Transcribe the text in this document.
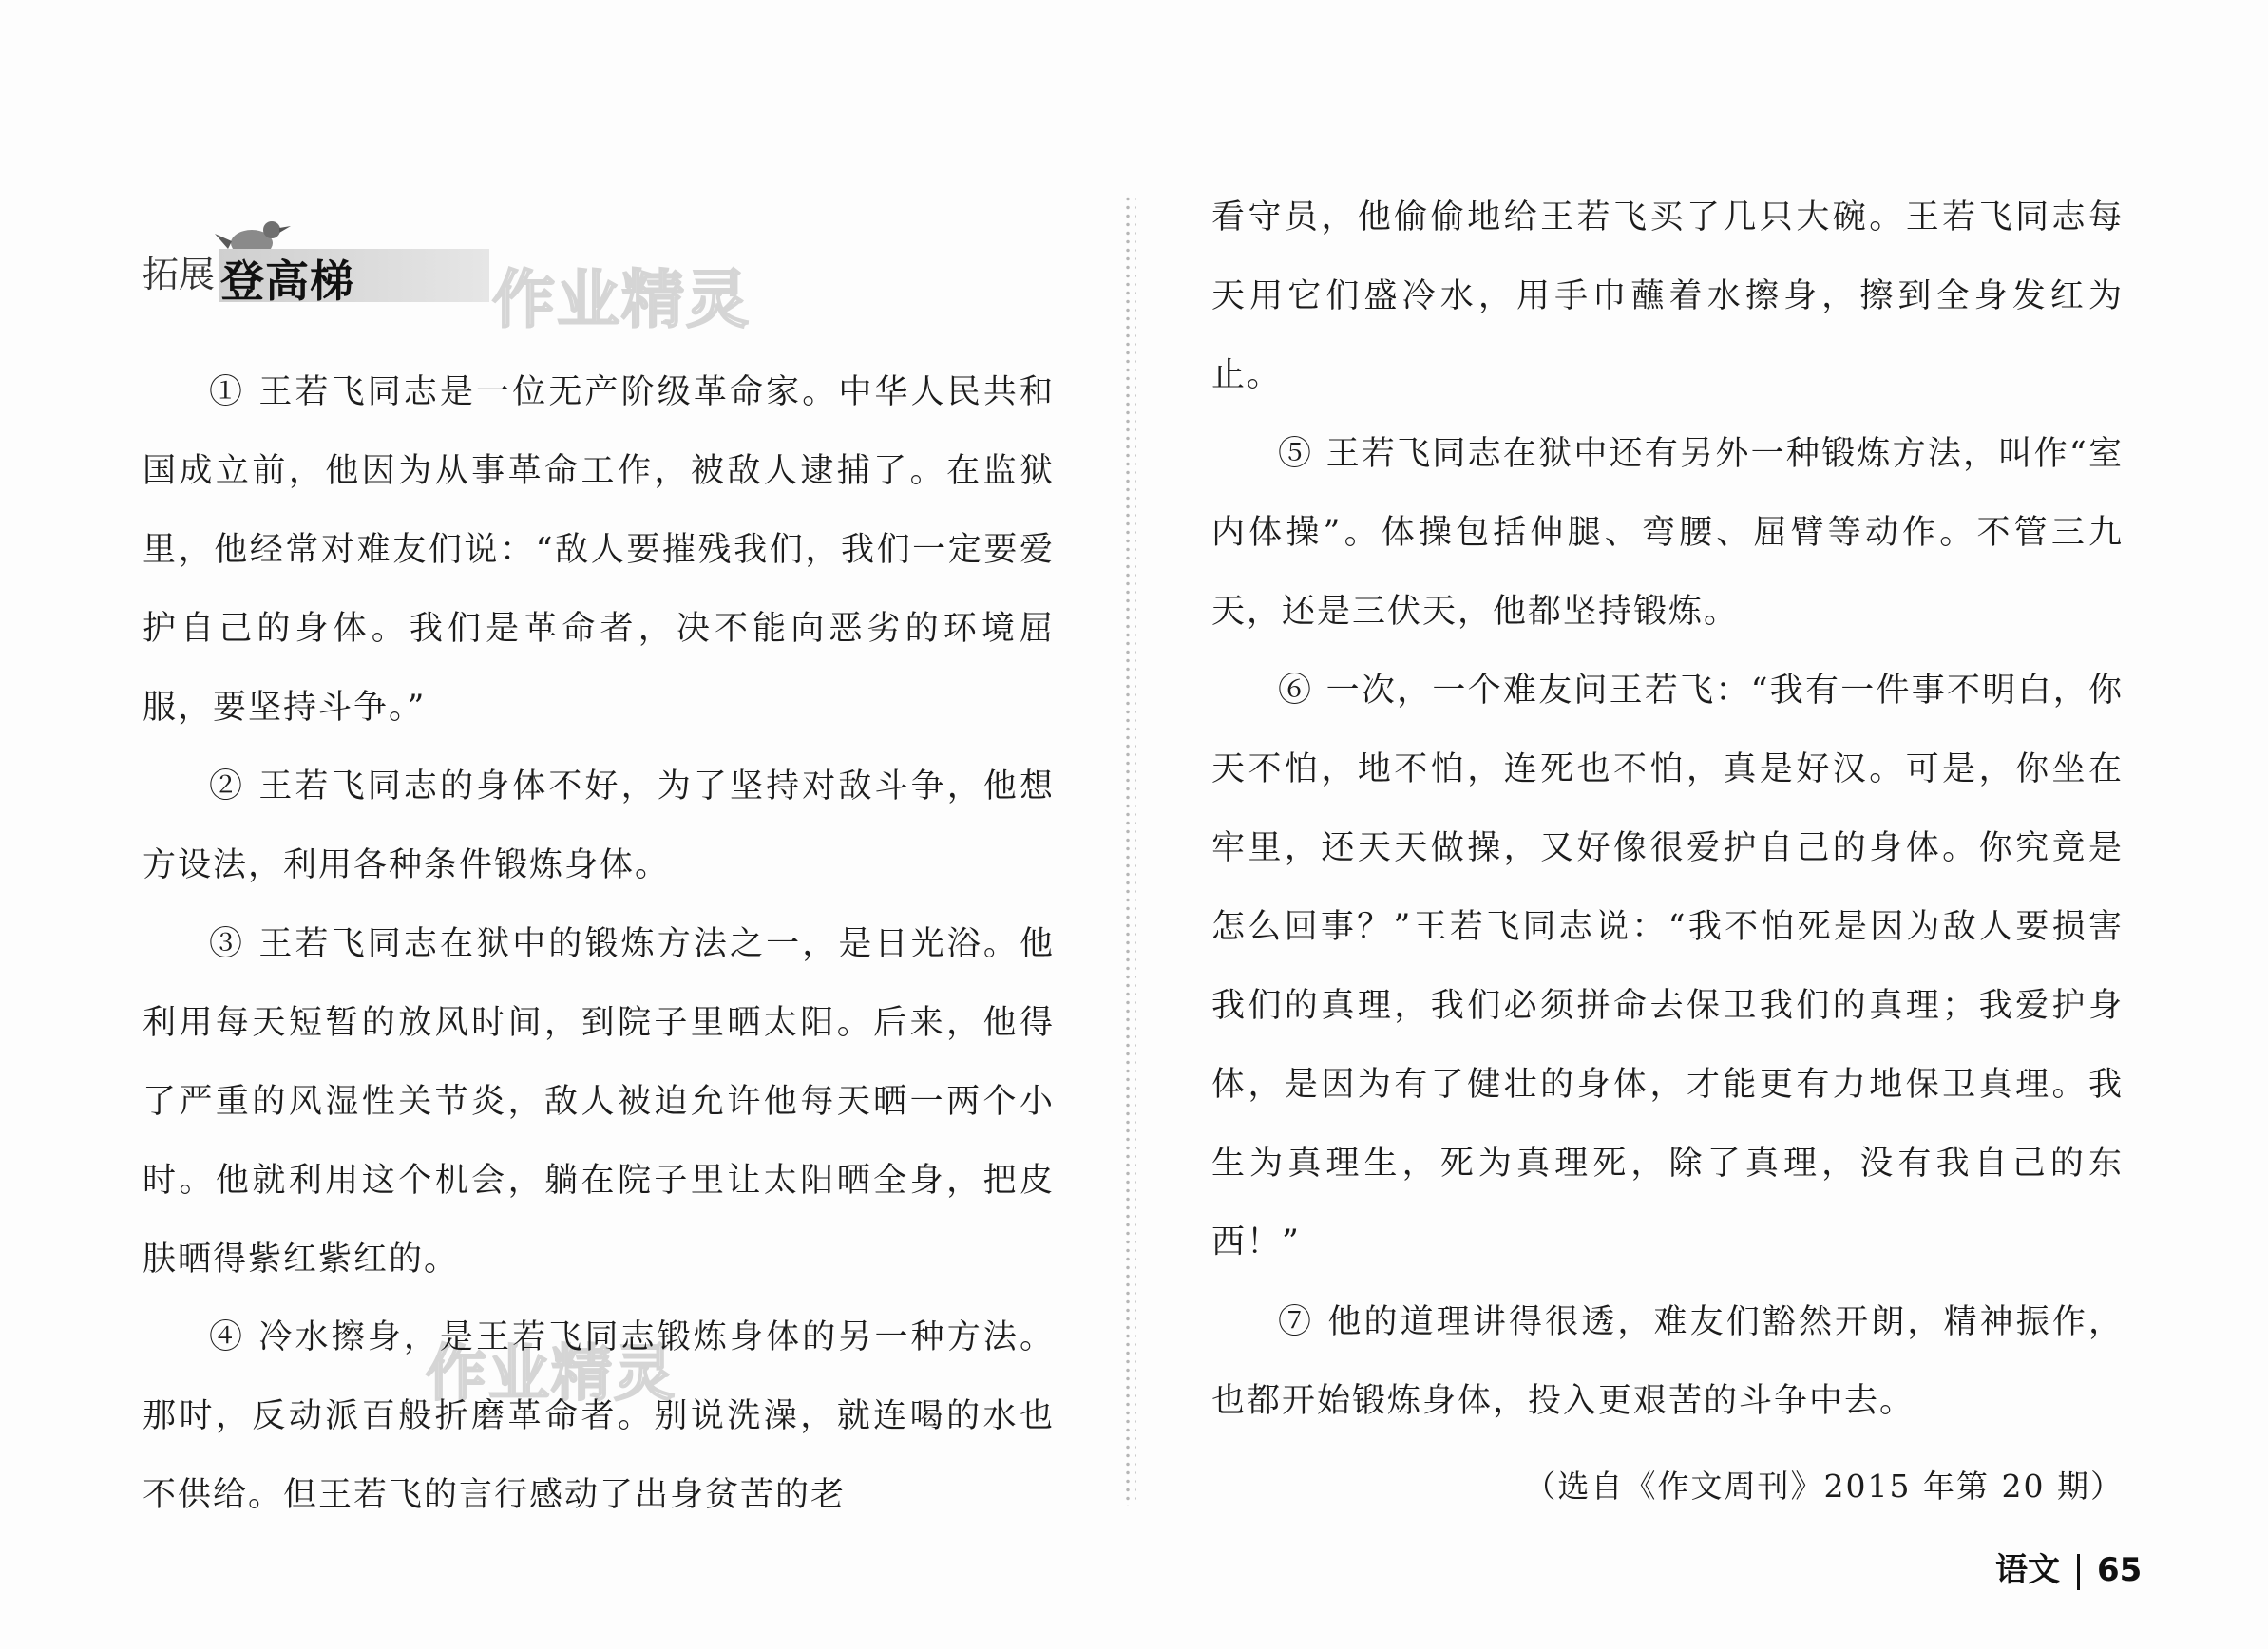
拓展 登高梯 作业精灵
作业精灵

① 王若飞同志是一位无产阶级革命家。中华人民共和国成立前，他因为从事革命工作，被敌人逮捕了。在监狱里，他经常对难友们说：“敌人要摧残我们，我们一定要爱护自己的身体。我们是革命者，决不能向恶劣的环境屈服，要坚持斗争。”

② 王若飞同志的身体不好，为了坚持对敌斗争，他想方设法，利用各种条件锻炼身体。

③ 王若飞同志在狱中的锻炼方法之一，是日光浴。他利用每天短暂的放风时间，到院子里晒太阳。后来，他得了严重的风湿性关节炎，敌人被迫允许他每天晒一两个小时。他就利用这个机会，躺在院子里让太阳晒全身，把皮肤晒得紫红紫红的。

④ 冷水擦身，是王若飞同志锻炼身体的另一种方法。那时，反动派百般折磨革命者。别说洗澡，就连喝的水也不供给。但王若飞的言行感动了出身贫苦的老

看守员，他偷偷地给王若飞买了几只大碗。王若飞同志每天用它们盛冷水，用手巾蘸着水擦身，擦到全身发红为止。

⑤ 王若飞同志在狱中还有另外一种锻炼方法，叫作“室内体操”。体操包括伸腿、弯腰、屈臂等动作。不管三九天，还是三伏天，他都坚持锻炼。

⑥ 一次，一个难友问王若飞：“我有一件事不明白，你天不怕，地不怕，连死也不怕，真是好汉。可是，你坐在牢里，还天天做操，又好像很爱护自己的身体。你究竟是怎么回事？”王若飞同志说：“我不怕死是因为敌人要损害我们的真理，我们必须拼命去保卫我们的真理；我爱护身体，是因为有了健壮的身体，才能更有力地保卫真理。我生为真理生，死为真理死，除了真理，没有我自己的东西！”

⑦ 他的道理讲得很透，难友们豁然开朗，精神振作，也都开始锻炼身体，投入更艰苦的斗争中去。

（选自《作文周刊》2015 年第 20 期）
语文 65
